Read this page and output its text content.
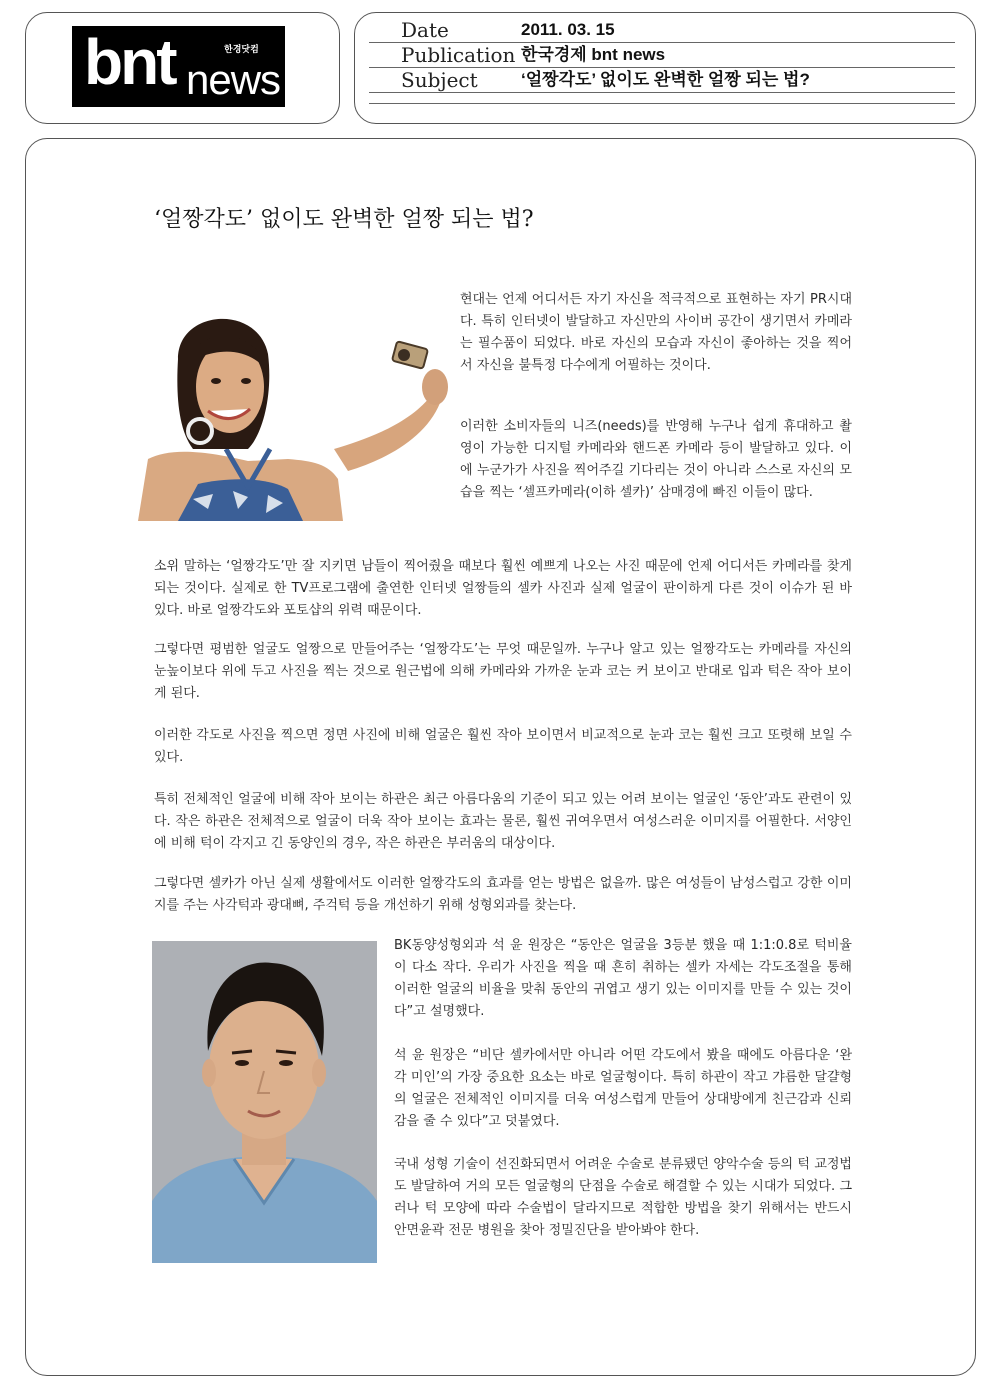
bnt	한경닷컴
news
Date	2011. 03. 15
Publication 한국경제 bnt news
Subject	‘얼짱각도’ 없이도 완벽한 얼짱 되는 법?
‘얼짱각도’ 없이도 완벽한 얼짱 되는 법?

현대는 언제 어디서든 자기 자신을 적극적으로 표현하는 자기 PR시대다. 특히 인터넷이 발달하고 자신만의 사이버 공간이 생기면서 카메라는 필수품이 되었다. 바로 자신의 모습과 자신이 좋아하는 것을 찍어서 자신을 불특정 다수에게 어필하는 것이다.

이러한 소비자들의 니즈(needs)를 반영해 누구나 쉽게 휴대하고 촬영이 가능한 디지털 카메라와 핸드폰 카메라 등이 발달하고 있다. 이에 누군가가 사진을 찍어주길 기다리는 것이 아니라 스스로 자신의 모습을 찍는 ‘셀프카메라(이하 셀카)’ 삼매경에 빠진 이들이 많다.

소위 말하는 ‘얼짱각도’만 잘 지키면 남들이 찍어줬을 때보다 훨씬 예쁘게 나오는 사진 때문에 언제 어디서든 카메라를 찾게 되는 것이다. 실제로 한 TV프로그램에 출연한 인터넷 얼짱들의 셀카 사진과 실제 얼굴이 판이하게 다른 것이 이슈가 된 바 있다. 바로 얼짱각도와 포토샵의 위력 때문이다.

그렇다면 평범한 얼굴도 얼짱으로 만들어주는 ‘얼짱각도’는 무엇 때문일까. 누구나 알고 있는 얼짱각도는 카메라를 자신의 눈높이보다 위에 두고 사진을 찍는 것으로 원근법에 의해 카메라와 가까운 눈과 코는 커 보이고 반대로 입과 턱은 작아 보이게 된다.

이러한 각도로 사진을 찍으면 정면 사진에 비해 얼굴은 훨씬 작아 보이면서 비교적으로 눈과 코는 훨씬 크고 또렷해 보일 수 있다.

특히 전체적인 얼굴에 비해 작아 보이는 하관은 최근 아름다움의 기준이 되고 있는 어려 보이는 얼굴인 ‘동안’과도 관련이 있다. 작은 하관은 전체적으로 얼굴이 더욱 작아 보이는 효과는 물론, 훨씬 귀여우면서 여성스러운 이미지를 어필한다. 서양인에 비해 턱이 각지고 긴 동양인의 경우, 작은 하관은 부러움의 대상이다.

그렇다면 셀카가 아닌 실제 생활에서도 이러한 얼짱각도의 효과를 얻는 방법은 없을까. 많은 여성들이 남성스럽고 강한 이미지를 주는 사각턱과 광대뼈, 주걱턱 등을 개선하기 위해 성형외과를 찾는다.

BK동양성형외과 석 윤 원장은 “동안은 얼굴을 3등분 했을 때 1:1:0.8로 턱비율이 다소 작다. 우리가 사진을 찍을 때 흔히 취하는 셀카 자세는 각도조절을 통해 이러한 얼굴의 비율을 맞춰 동안의 귀엽고 생기 있는 이미지를 만들 수 있는 것이다”고 설명했다.

석 윤 원장은 “비단 셀카에서만 아니라 어떤 각도에서 봤을 때에도 아름다운 ‘완각 미인’의 가장 중요한 요소는 바로 얼굴형이다. 특히 하관이 작고 갸름한 달걀형의 얼굴은 전체적인 이미지를 더욱 여성스럽게 만들어 상대방에게 친근감과 신뢰감을 줄 수 있다”고 덧붙였다.

국내 성형 기술이 선진화되면서 어려운 수술로 분류됐던 양악수술 등의 턱 교정법도 발달하여 거의 모든 얼굴형의 단점을 수술로 해결할 수 있는 시대가 되었다. 그러나 턱 모양에 따라 수술법이 달라지므로 적합한 방법을 찾기 위해서는 반드시 안면윤곽 전문 병원을 찾아 정밀진단을 받아봐야 한다.
